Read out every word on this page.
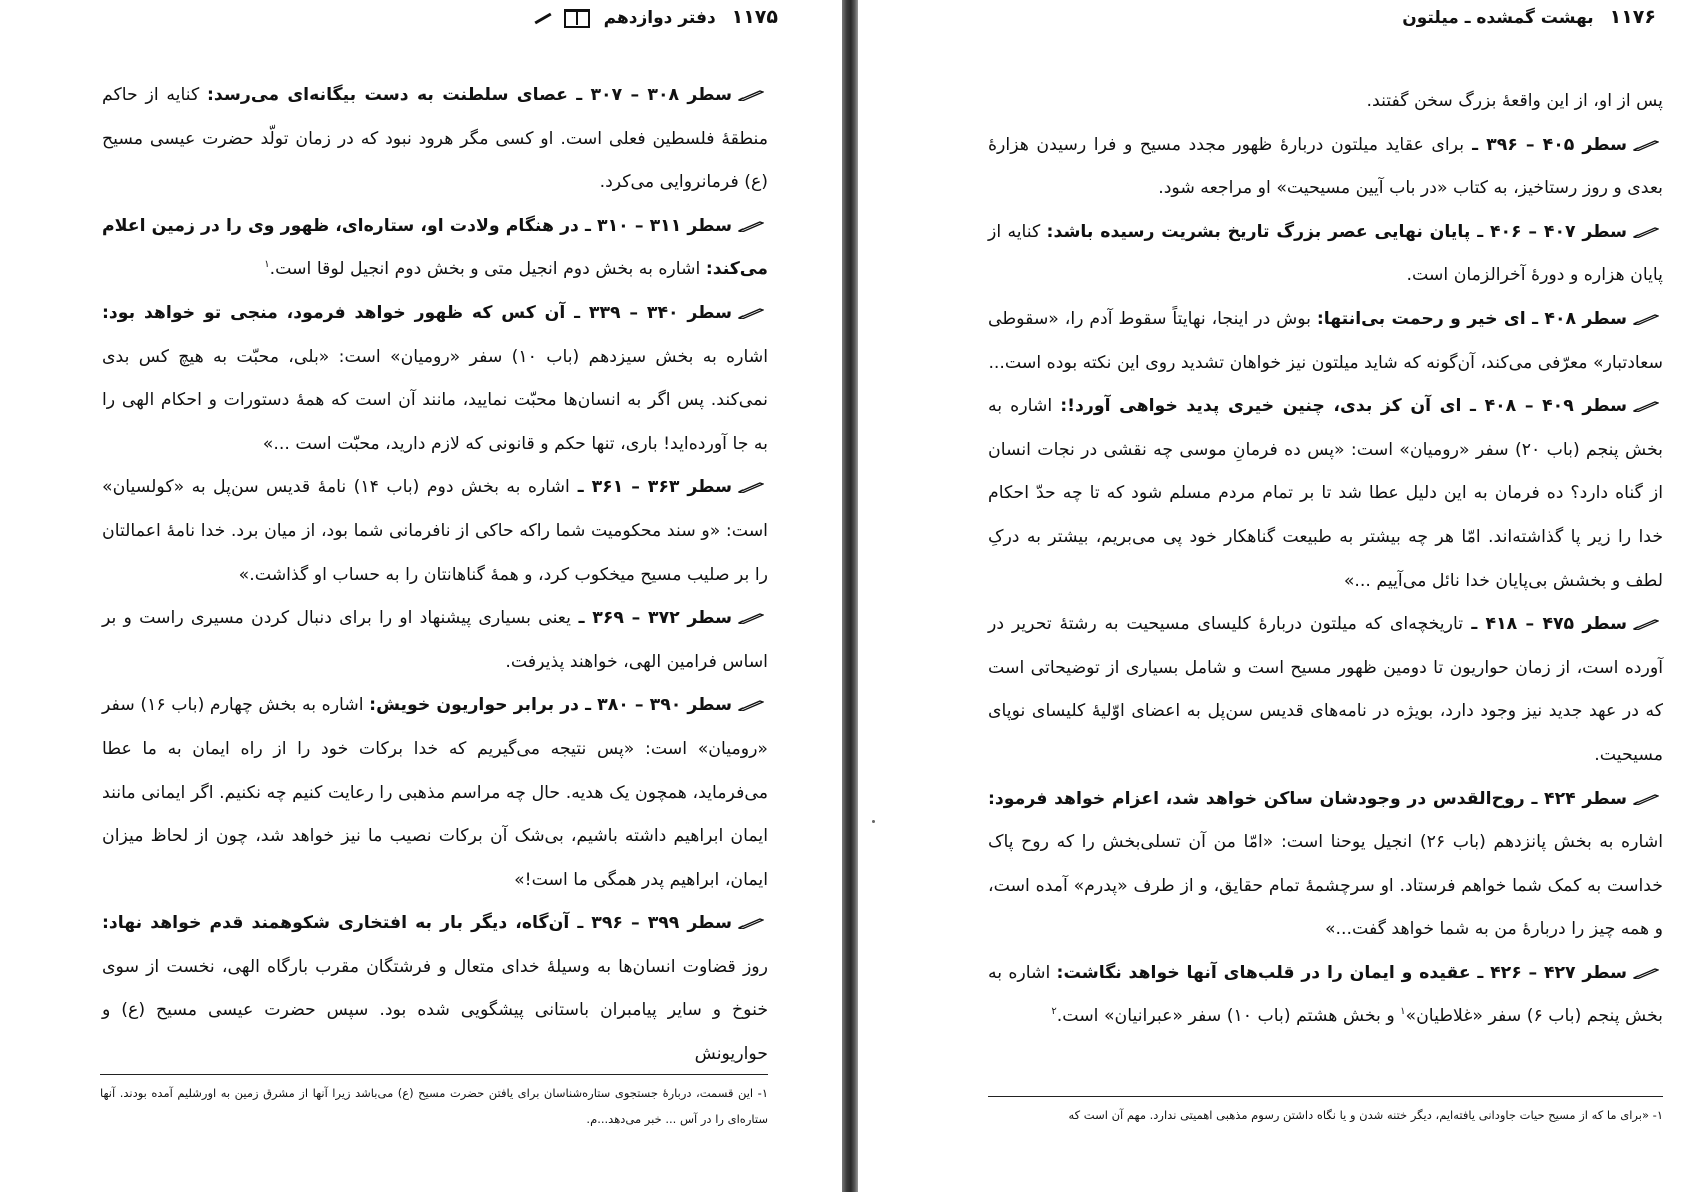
۱۱۷۵ دفتر دوازدهم

سطر ۳۰۸ – ۳۰۷ ـ عصای سلطنت به دست بیگانه‌ای می‌رسد: کنایه از حاکم منطقهٔ فلسطین فعلی است. او کسی مگر هرود نبود که در زمان تولّد حضرت عیسی مسیح (ع) فرمانروایی می‌کرد.

سطر ۳۱۱ – ۳۱۰ ـ در هنگام ولادت او، ستاره‌ای، ظهور وی را در زمین اعلام می‌کند: اشاره به بخش دوم انجیل متی و بخش دوم انجیل لوقا است.$^۱$

سطر ۳۴۰ – ۳۳۹ ـ آن کس که ظهور خواهد فرمود، منجی تو خواهد بود: اشاره به بخش سیزدهم (باب ۱۰) سفر «رومیان» است: «بلی، محبّت به هیچ کس بدی نمی‌کند. پس اگر به انسان‌ها محبّت نمایید، مانند آن است که همهٔ دستورات و احکام الهی را به جا آورده‌اید! باری، تنها حکم و قانونی که لازم دارید، محبّت است ...»

سطر ۳۶۳ – ۳۶۱ ـ اشاره به بخش دوم (باب ۱۴) نامهٔ قدیس سن‌پل به «کولسیان» است: «و سند محکومیت شما راکه حاکی از نافرمانی شما بود، از میان برد. خدا نامهٔ اعمالتان را بر صلیب مسیح میخکوب کرد، و همهٔ گناهانتان را به حساب او گذاشت.»

سطر ۳۷۲ – ۳۶۹ ـ یعنی بسیاری پیشنهاد او را برای دنبال کردن مسیری راست و بر اساس فرامین الهی، خواهند پذیرفت.

سطر ۳۹۰ – ۳۸۰ ـ در برابر حواریون خویش: اشاره به بخش چهارم (باب ۱۶) سفر «رومیان» است: «پس نتیجه می‌گیریم که خدا برکات خود را از راه ایمان به ما عطا می‌فرماید، همچون یک هدیه. حال چه مراسم مذهبی را رعایت کنیم چه نکنیم. اگر ایمانی مانند ایمان ابراهیم داشته باشیم، بی‌شک آن برکات نصیب ما نیز خواهد شد، چون از لحاظ میزان ایمان، ابراهیم پدر همگی ما است!»

سطر ۳۹۹ – ۳۹۶ ـ آن‌گاه، دیگر بار به افتخاری شکوهمند قدم خواهد نهاد: روز قضاوت انسان‌ها به وسیلهٔ خدای متعال و فرشتگان مقرب بارگاه الهی، نخست از سوی خنوخ و سایر پیامبران باستانی پیشگویی شده بود. سپس حضرت عیسی مسیح (ع) و حواریونش

۱- این قسمت، دربارهٔ جستجوی ستاره‌شناسان برای یافتن حضرت مسیح (ع) می‌باشد زیرا آنها از مشرق زمین به اورشلیم آمده بودند. آنها ستاره‌ای را در آس ... خبر می‌دهد...م.
۱۱۷۶ بهشت گمشده ـ میلتون

پس از او، از این واقعهٔ بزرگ سخن گفتند.

سطر ۴۰۵ – ۳۹۶ ـ برای عقاید میلتون دربارهٔ ظهور مجدد مسیح و فرا رسیدن هزارهٔ بعدی و روز رستاخیز، به کتاب «در باب آیین مسیحیت» او مراجعه شود.

سطر ۴۰۷ – ۴۰۶ ـ پایان نهایی عصر بزرگ تاریخ بشریت رسیده باشد: کنایه از پایان هزاره و دورهٔ آخرالزمان است.

سطر ۴۰۸ ـ ای خیر و رحمت بی‌انتها: بوش در اینجا، نهایتاً سقوط آدم را، «سقوطی سعادتبار» معرّفی می‌کند، آن‌گونه که شاید میلتون نیز خواهان تشدید روی این نکته بوده است...

سطر ۴۰۹ – ۴۰۸ ـ ای آن کز بدی، چنین خیری پدید خواهی آورد!: اشاره به بخش پنجم (باب ۲۰) سفر «رومیان» است: «پس ده فرمانِ موسی چه نقشی در نجات انسان از گناه دارد؟ ده فرمان به این دلیل عطا شد تا بر تمام مردم مسلم شود که تا چه حدّ احکام خدا را زیر پا گذاشته‌اند. امّا هر چه بیشتر به طبیعت گناهکار خود پی می‌بریم، بیشتر به درکِ لطف و بخشش بی‌پایان خدا نائل می‌آییم ...»

سطر ۴۷۵ – ۴۱۸ ـ تاریخچه‌ای که میلتون دربارهٔ کلیسای مسیحیت به رشتهٔ تحریر در آورده است، از زمان حواریون تا دومین ظهور مسیح است و شامل بسیاری از توضیحاتی است که در عهد جدید نیز وجود دارد، بویژه در نامه‌های قدیس سن‌پل به اعضای اوّلیهٔ کلیسای نوپای مسیحیت.

سطر ۴۲۴ ـ روح‌القدس در وجودشان ساکن خواهد شد، اعزام خواهد فرمود: اشاره به بخش پانزدهم (باب ۲۶) انجیل یوحنا است: «امّا من آن تسلی‌بخش را که روح پاک خداست به کمک شما خواهم فرستاد. او سرچشمهٔ تمام حقایق، و از طرف «پدرم» آمده است، و همه چیز را دربارهٔ من به شما خواهد گفت...»

سطر ۴۲۷ – ۴۲۶ ـ عقیده و ایمان را در قلب‌های آنها خواهد نگاشت: اشاره به بخش پنجم (باب ۶) سفر «غلاطیان»$^۱$ و بخش هشتم (باب ۱۰) سفر «عبرانیان» است.$^۲$

۱- «برای ما که از مسیح حیات جاودانی یافته‌ایم، دیگر ختنه شدن و یا نگاه داشتن رسوم مذهبی اهمیتی ندارد. مهم آن است که
